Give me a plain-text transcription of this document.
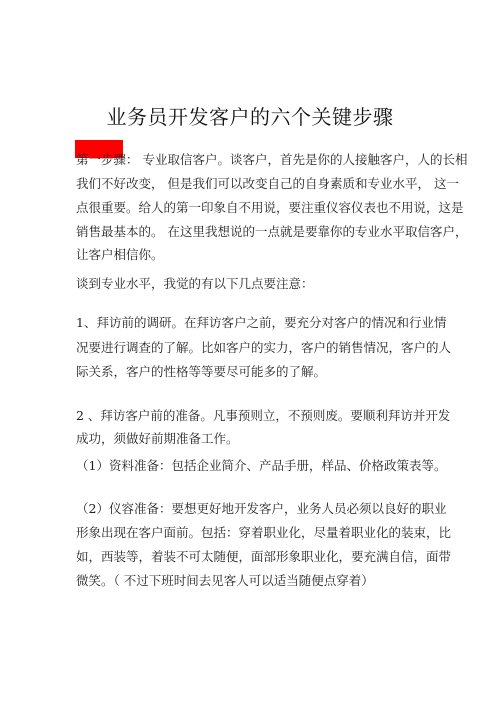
业务员开发客户的六个关键步骤
第一步骤： 专业取信客户。谈客户，首先是你的人接触客户，人的长相
我们不好改变， 但是我们可以改变自己的自身素质和专业水平， 这一
点很重要。给人的第一印象自不用说，要注重仪容仪表也不用说，这是
销售最基本的。 在这里我想说的一点就是要靠你的专业水平取信客户，
让客户相信你。
谈到专业水平，我觉的有以下几点要注意：
1、拜访前的调研。在拜访客户之前，要充分对客户的情况和行业情
况要进行调查的了解。比如客户的实力，客户的销售情况，客户的人
际关系，客户的性格等等要尽可能多的了解。
2 、拜访客户前的准备。凡事预则立，不预则废。要顺利拜访并开发
成功，须做好前期准备工作。
（1）资料准备：包括企业简介、产品手册，样品、价格政策表等。
（2）仪容准备：要想更好地开发客户，业务人员必须以良好的职业
形象出现在客户面前。包括：穿着职业化，尽量着职业化的装束，比
如，西装等，着装不可太随便，面部形象职业化，要充满自信，面带
微笑。（ 不过下班时间去见客人可以适当随便点穿着）
